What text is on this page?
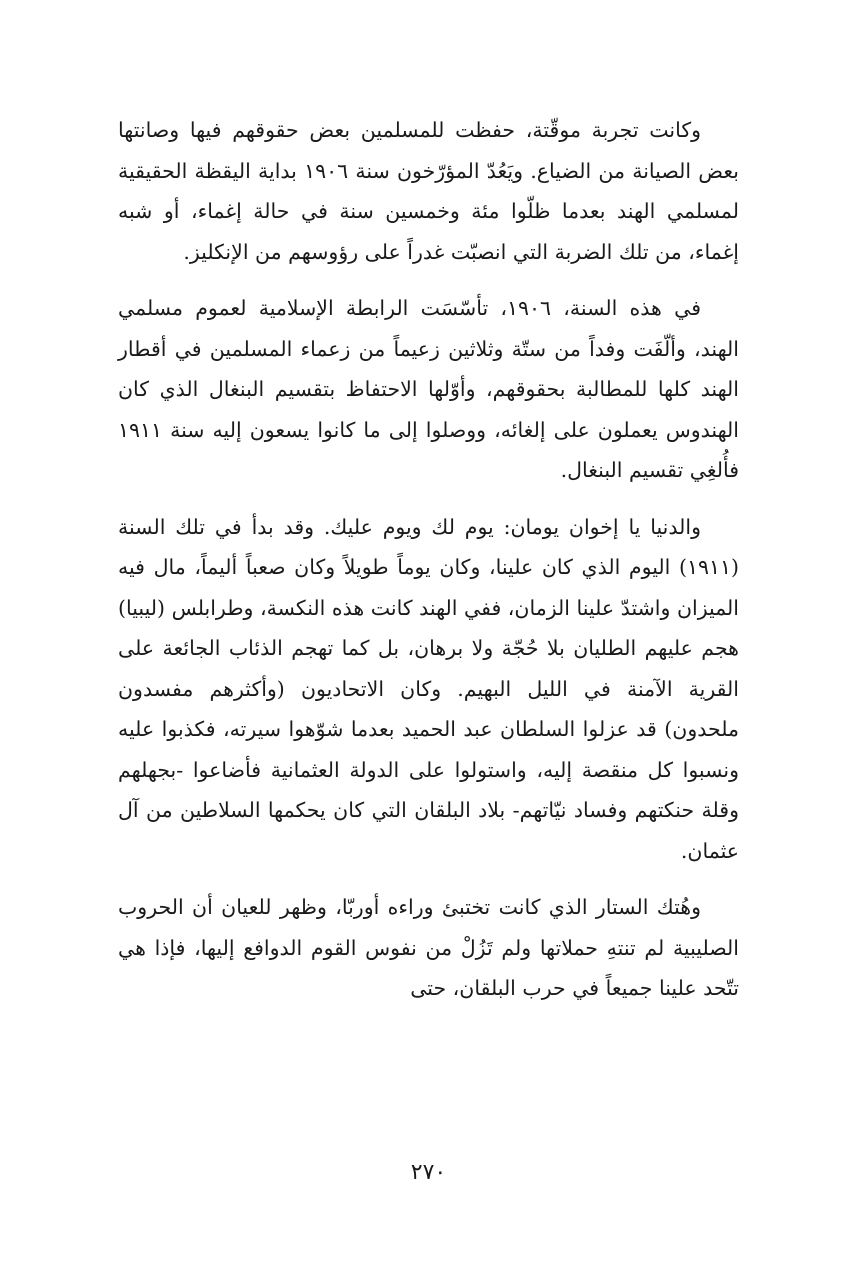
وكانت تجربة موقّتة، حفظت للمسلمين بعض حقوقهم فيها وصانتها بعض الصيانة من الضياع. ويَعُدّ المؤرّخون سنة ١٩٠٦ بداية اليقظة الحقيقية لمسلمي الهند بعدما ظلّوا مئة وخمسين سنة في حالة إغماء، أو شبه إغماء، من تلك الضربة التي انصبّت غدراً على رؤوسهم من الإنكليز.

في هذه السنة، ١٩٠٦، تأسّسَت الرابطة الإسلامية لعموم مسلمي الهند، وألّفَت وفداً من ستّة وثلاثين زعيماً من زعماء المسلمين في أقطار الهند كلها للمطالبة بحقوقهم، وأوّلها الاحتفاظ بتقسيم البنغال الذي كان الهندوس يعملون على إلغائه، ووصلوا إلى ما كانوا يسعون إليه سنة ١٩١١ فأُلغِي تقسيم البنغال.

والدنيا يا إخوان يومان: يوم لك ويوم عليك. وقد بدأ في تلك السنة (١٩١١) اليوم الذي كان علينا، وكان يوماً طويلاً وكان صعباً أليماً، مال فيه الميزان واشتدّ علينا الزمان، ففي الهند كانت هذه النكسة، وطرابلس (ليبيا) هجم عليهم الطليان بلا حُجّة ولا برهان، بل كما تهجم الذئاب الجائعة على القرية الآمنة في الليل البهيم. وكان الاتحاديون (وأكثرهم مفسدون ملحدون) قد عزلوا السلطان عبد الحميد بعدما شوّهوا سيرته، فكذبوا عليه ونسبوا كل منقصة إليه، واستولوا على الدولة العثمانية فأضاعوا -بجهلهم وقلة حنكتهم وفساد نيّاتهم- بلاد البلقان التي كان يحكمها السلاطين من آل عثمان.

وهُتك الستار الذي كانت تختبئ وراءه أوربّا، وظهر للعيان أن الحروب الصليبية لم تنتهِ حملاتها ولم تَزُلْ من نفوس القوم الدوافع إليها، فإذا هي تتّحد علينا جميعاً في حرب البلقان، حتى

٢٧٠
